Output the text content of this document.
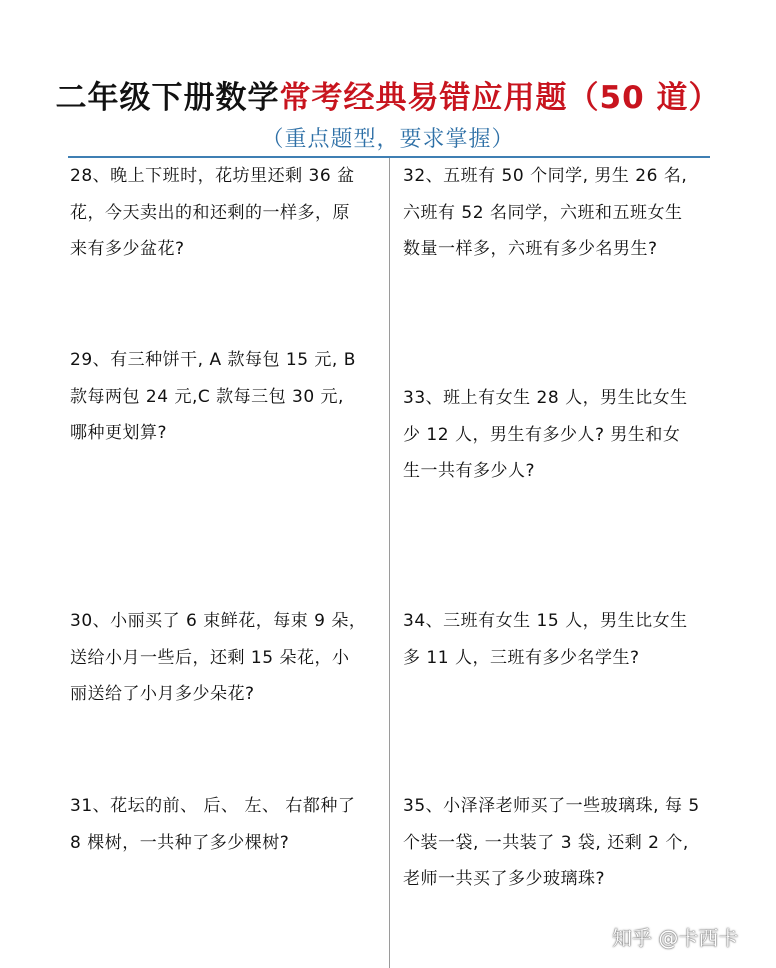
二年级下册数学常考经典易错应用题（50 道）
（重点题型，要求掌握）
28、晚上下班时，花坊里还剩 36 盆
花，今天卖出的和还剩的一样多，原
来有多少盆花?
29、有三种饼干, A 款每包 15 元, B
款每两包 24 元,C 款每三包 30 元,
哪种更划算?
30、小丽买了 6 束鲜花，每束 9 朵，
送给小月一些后，还剩 15 朵花，小
丽送给了小月多少朵花?
31、花坛的前、 后、 左、 右都种了
8 棵树，一共种了多少棵树?
32、五班有 50 个同学, 男生 26 名,
六班有 52 名同学，六班和五班女生
数量一样多，六班有多少名男生?
33、班上有女生 28 人，男生比女生
少 12 人，男生有多少人? 男生和女
生一共有多少人?
34、三班有女生 15 人，男生比女生
多 11 人，三班有多少名学生?
35、小泽泽老师买了一些玻璃珠, 每 5
个装一袋, 一共装了 3 袋, 还剩 2 个,
老师一共买了多少玻璃珠?
知乎 @卡西卡
